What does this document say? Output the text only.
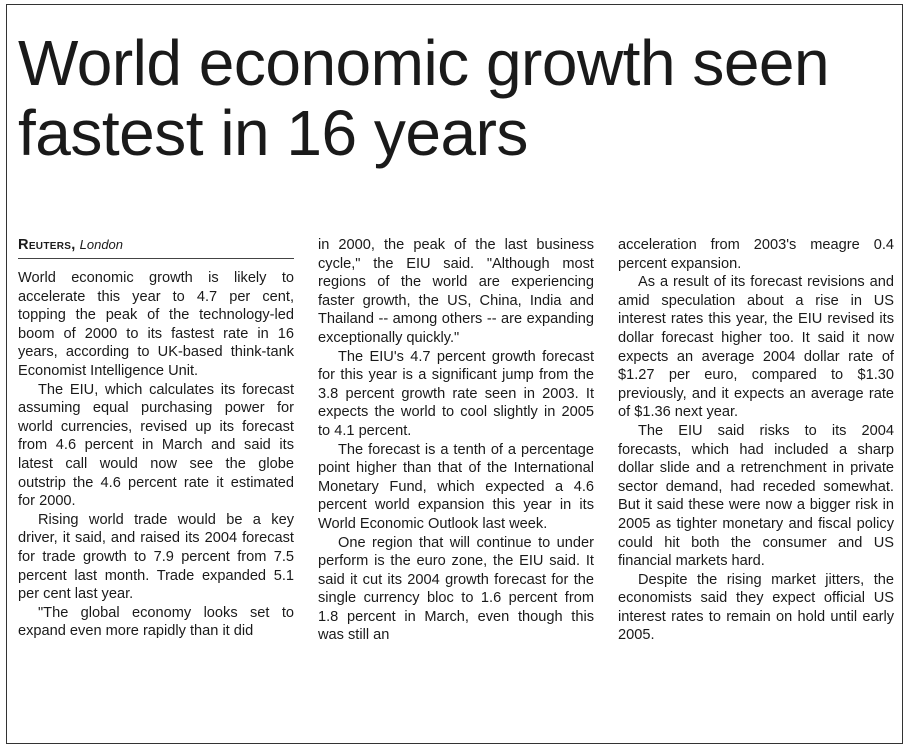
World economic growth seen fastest in 16 years
Reuters, London

World economic growth is likely to accelerate this year to 4.7 per cent, topping the peak of the technology-led boom of 2000 to its fastest rate in 16 years, according to UK-based think-tank Economist Intelligence Unit.

The EIU, which calculates its forecast assuming equal purchasing power for world currencies, revised up its forecast from 4.6 percent in March and said its latest call would now see the globe outstrip the 4.6 percent rate it estimated for 2000.

Rising world trade would be a key driver, it said, and raised its 2004 forecast for trade growth to 7.9 percent from 7.5 percent last month. Trade expanded 5.1 per cent last year.

"The global economy looks set to expand even more rapidly than it did

in 2000, the peak of the last business cycle," the EIU said. "Although most regions of the world are experiencing faster growth, the US, China, India and Thailand -- among others -- are expanding exceptionally quickly."

The EIU's 4.7 percent growth forecast for this year is a significant jump from the 3.8 percent growth rate seen in 2003. It expects the world to cool slightly in 2005 to 4.1 percent.

The forecast is a tenth of a percentage point higher than that of the International Monetary Fund, which expected a 4.6 percent world expansion this year in its World Economic Outlook last week.

One region that will continue to under perform is the euro zone, the EIU said. It said it cut its 2004 growth forecast for the single currency bloc to 1.6 percent from 1.8 percent in March, even though this was still an

acceleration from 2003's meagre 0.4 percent expansion.

As a result of its forecast revisions and amid speculation about a rise in US interest rates this year, the EIU revised its dollar forecast higher too. It said it now expects an average 2004 dollar rate of $1.27 per euro, compared to $1.30 previously, and it expects an average rate of $1.36 next year.

The EIU said risks to its 2004 forecasts, which had included a sharp dollar slide and a retrenchment in private sector demand, had receded somewhat. But it said these were now a bigger risk in 2005 as tighter monetary and fiscal policy could hit both the consumer and US financial markets hard.

Despite the rising market jitters, the economists said they expect official US interest rates to remain on hold until early 2005.
